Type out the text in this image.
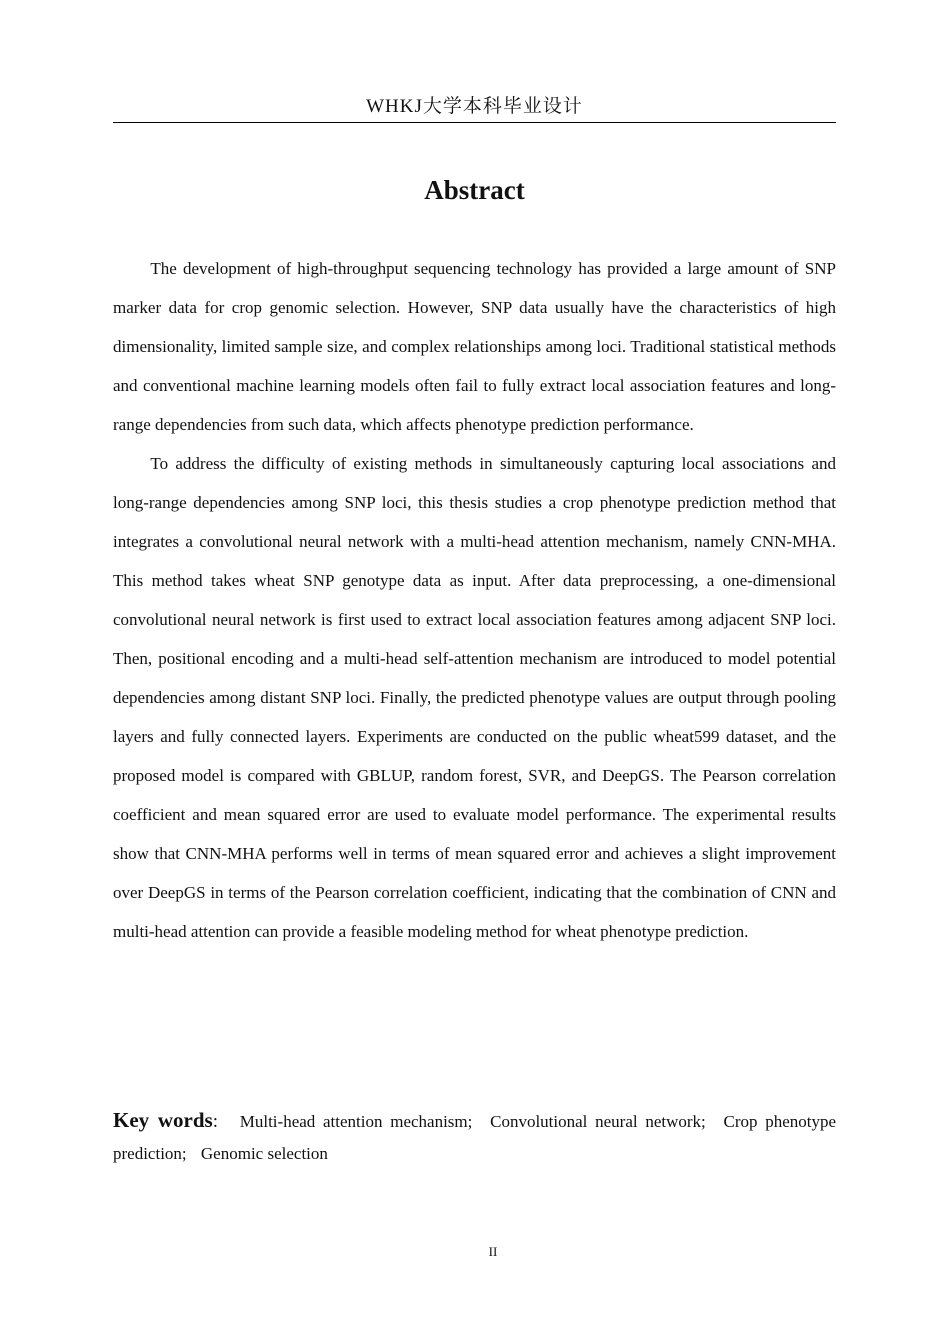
WHKJ大学本科毕业设计
Abstract

The development of high-throughput sequencing technology has provided a large amount of SNP marker data for crop genomic selection. However, SNP data usually have the characteristics of high dimensionality, limited sample size, and complex relationships among loci. Traditional statistical methods and conventional machine learning models often fail to fully extract local association features and long-range dependencies from such data, which affects phenotype prediction performance.

To address the difficulty of existing methods in simultaneously capturing local associations and long-range dependencies among SNP loci, this thesis studies a crop phenotype prediction method that integrates a convolutional neural network with a multi-head attention mechanism, namely CNN-MHA. This method takes wheat SNP genotype data as input. After data preprocessing, a one-dimensional convolutional neural network is first used to extract local association features among adjacent SNP loci. Then, positional encoding and a multi-head self-attention mechanism are introduced to model potential dependencies among distant SNP loci. Finally, the predicted phenotype values are output through pooling layers and fully connected layers. Experiments are conducted on the public wheat599 dataset, and the proposed model is compared with GBLUP, random forest, SVR, and DeepGS. The Pearson correlation coefficient and mean squared error are used to evaluate model performance. The experimental results show that CNN-MHA performs well in terms of mean squared error and achieves a slight improvement over DeepGS in terms of the Pearson correlation coefficient, indicating that the combination of CNN and multi-head attention can provide a feasible modeling method for wheat phenotype prediction.

Key words: Multi-head attention mechanism; Convolutional neural network; Crop phenotype prediction; Genomic selection
II
